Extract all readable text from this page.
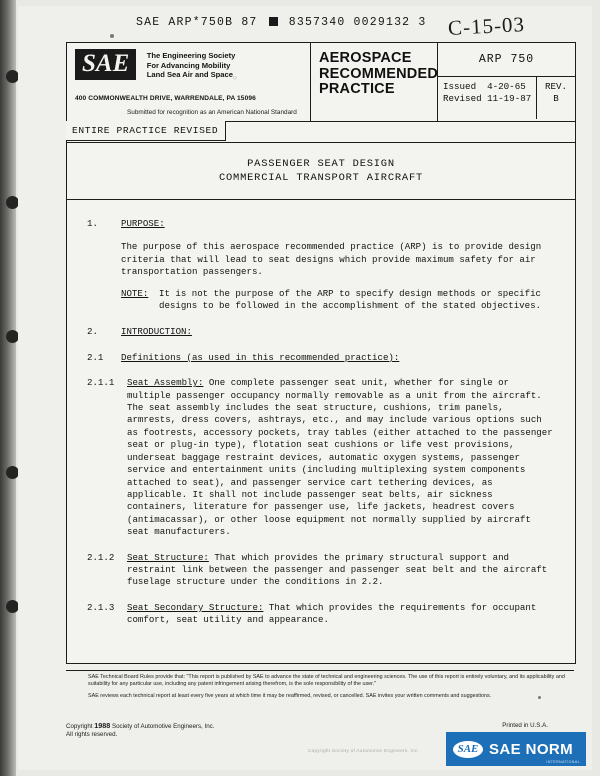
SAE ARP*750B 87	8357340 0029132 3 C-15-03
SAE The Engineering Society
For Advancing Mobility
Land Sea Air and Space$_◌$
400 COMMONWEALTH DRIVE, WARRENDALE, PA 15096
Submitted for recognition as an American National Standard
AEROSPACE
RECOMMENDED
PRACTICE
ARP 750
Issued 4-20-65
Revised 11-19-87
REV.
B
ENTIRE PRACTICE REVISED
PASSENGER SEAT DESIGN
COMMERCIAL TRANSPORT AIRCRAFT
1.	PURPOSE:

The purpose of this aerospace recommended practice (ARP) is to provide design criteria that will lead to seat designs which provide maximum safety for air transportation passengers.

NOTE:	It is not the purpose of the ARP to specify design methods or specific designs to be followed in the accomplishment of the stated objectives.
2.	INTRODUCTION:
2.1	Definitions (as used in this recommended practice):
2.1.1	Seat Assembly: One complete passenger seat unit, whether for single or multiple passenger occupancy normally removable as a unit from the aircraft. The seat assembly includes the seat structure, cushions, trim panels, armrests, dress covers, ashtrays, etc., and may include various options such as footrests, accessory pockets, tray tables (either attached to the passenger seat or plug-in type), flotation seat cushions or life vest provisions, underseat baggage restraint devices, automatic oxygen systems, passenger service and entertainment units (including multiplexing system components attached to seat), and passenger service cart tethering devices, as applicable. It shall not include passenger seat belts, air sickness containers, literature for passenger use, life jackets, headrest covers (antimacassar), or other loose equipment not normally supplied by aircraft seat manufacturers.
2.1.2	Seat Structure: That which provides the primary structural support and restraint link between the passenger and passenger seat belt and the aircraft fuselage structure under the conditions in 2.2.
2.1.3	Seat Secondary Structure: That which provides the requirements for occupant comfort, seat utility and appearance.

SAE Technical Board Rules provide that: "This report is published by SAE to advance the state of technical and engineering sciences. The use of this report is entirely voluntary, and its applicability and suitability for any particular use, including any patent infringement arising therefrom, is the sole responsibility of the user."

SAE reviews each technical report at least every five years at which time it may be reaffirmed, revised, or cancelled. SAE invites your written comments and suggestions.

Copyright 1988 Society of Automotive Engineers, Inc.
All rights reserved.
Printed in U.S.A.
Copyright Society of Automotive Engineers, Inc.	SAE SAE NORM
INTERNATIONAL
